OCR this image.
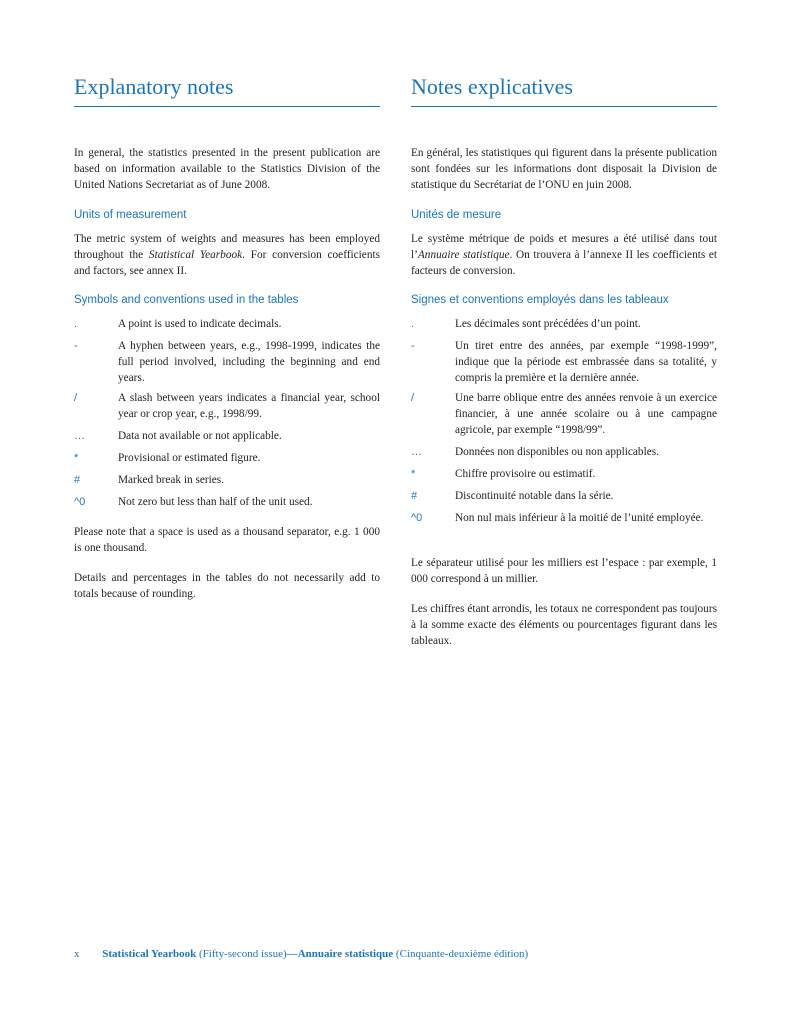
Explanatory notes

In general, the statistics presented in the present publication are based on information available to the Statistics Division of the United Nations Secretariat as of June 2008.

Units of measurement

The metric system of weights and measures has been employed throughout the Statistical Yearbook. For conversion coefficients and factors, see annex II.

Symbols and conventions used in the tables

.	A point is used to indicate decimals.
-	A hyphen between years, e.g., 1998-1999, indicates the full period involved, including the beginning and end years.
/	A slash between years indicates a financial year, school year or crop year, e.g., 1998/99.
…	Data not available or not applicable.
*	Provisional or estimated figure.
#	Marked break in series.
^0	Not zero but less than half of the unit used.

Please note that a space is used as a thousand separator, e.g. 1 000 is one thousand.

Details and percentages in the tables do not necessarily add to totals because of rounding.

Notes explicatives

En général, les statistiques qui figurent dans la présente publication sont fondées sur les informations dont disposait la Division de statistique du Secrétariat de l’ONU en juin 2008.

Unités de mesure

Le système métrique de poids et mesures a été utilisé dans tout l’Annuaire statistique. On trouvera à l’annexe II les coefficients et facteurs de conversion.

Signes et conventions employés dans les tableaux

.	Les décimales sont précédées d’un point.
-	Un tiret entre des années, par exemple “1998-1999”, indique que la période est embrassée dans sa totalité, y compris la première et la dernière année.
/	Une barre oblique entre des années renvoie à un exercice financier, à une année scolaire ou à une campagne agricole, par exemple “1998/99”.
…	Données non disponibles ou non applicables.
*	Chiffre provisoire ou estimatif.
#	Discontinuité notable dans la série.
^0	Non nul mais inférieur à la moitié de l’unité employée.

Le séparateur utilisé pour les milliers est l’espace : par exemple, 1 000 correspond à un millier.

Les chiffres étant arrondis, les totaux ne correspondent pas toujours à la somme exacte des éléments ou pourcentages figurant dans les tableaux.

x Statistical Yearbook (Fifty-second issue)—Annuaire statistique (Cinquante-deuxième édition)
